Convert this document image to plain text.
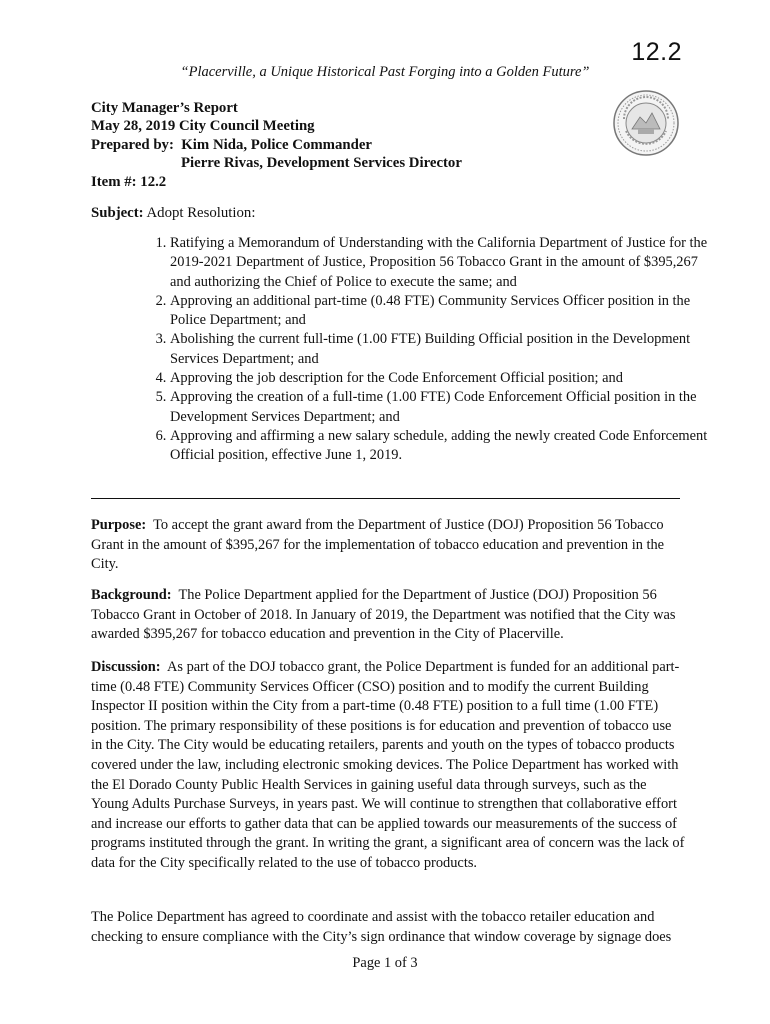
12.2
“Placerville, a Unique Historical Past Forging into a Golden Future”
City Manager’s Report
May 28, 2019 City Council Meeting
Prepared by: Kim Nida, Police Commander
Pierre Rivas, Development Services Director
Item #: 12.2
Subject: Adopt Resolution:
1. Ratifying a Memorandum of Understanding with the California Department of Justice for the 2019-2021 Department of Justice, Proposition 56 Tobacco Grant in the amount of $395,267 and authorizing the Chief of Police to execute the same; and
2. Approving an additional part-time (0.48 FTE) Community Services Officer position in the Police Department; and
3. Abolishing the current full-time (1.00 FTE) Building Official position in the Development Services Department; and
4. Approving the job description for the Code Enforcement Official position; and
5. Approving the creation of a full-time (1.00 FTE) Code Enforcement Official position in the Development Services Department; and
6. Approving and affirming a new salary schedule, adding the newly created Code Enforcement Official position, effective June 1, 2019.

Purpose: To accept the grant award from the Department of Justice (DOJ) Proposition 56 Tobacco Grant in the amount of $395,267 for the implementation of tobacco education and prevention in the City.

Background: The Police Department applied for the Department of Justice (DOJ) Proposition 56 Tobacco Grant in October of 2018. In January of 2019, the Department was notified that the City was awarded $395,267 for tobacco education and prevention in the City of Placerville.

Discussion: As part of the DOJ tobacco grant, the Police Department is funded for an additional part-time (0.48 FTE) Community Services Officer (CSO) position and to modify the current Building Inspector II position within the City from a part-time (0.48 FTE) position to a full time (1.00 FTE) position. The primary responsibility of these positions is for education and prevention of tobacco use in the City. The City would be educating retailers, parents and youth on the types of tobacco products covered under the law, including electronic smoking devices. The Police Department has worked with the El Dorado County Public Health Services in gaining useful data through surveys, such as the Young Adults Purchase Surveys, in years past. We will continue to strengthen that collaborative effort and increase our efforts to gather data that can be applied towards our measurements of the success of programs instituted through the grant. In writing the grant, a significant area of concern was the lack of data for the City specifically related to the use of tobacco products.

The Police Department has agreed to coordinate and assist with the tobacco retailer education and checking to ensure compliance with the City’s sign ordinance that window coverage by signage does

Page 1 of 3
